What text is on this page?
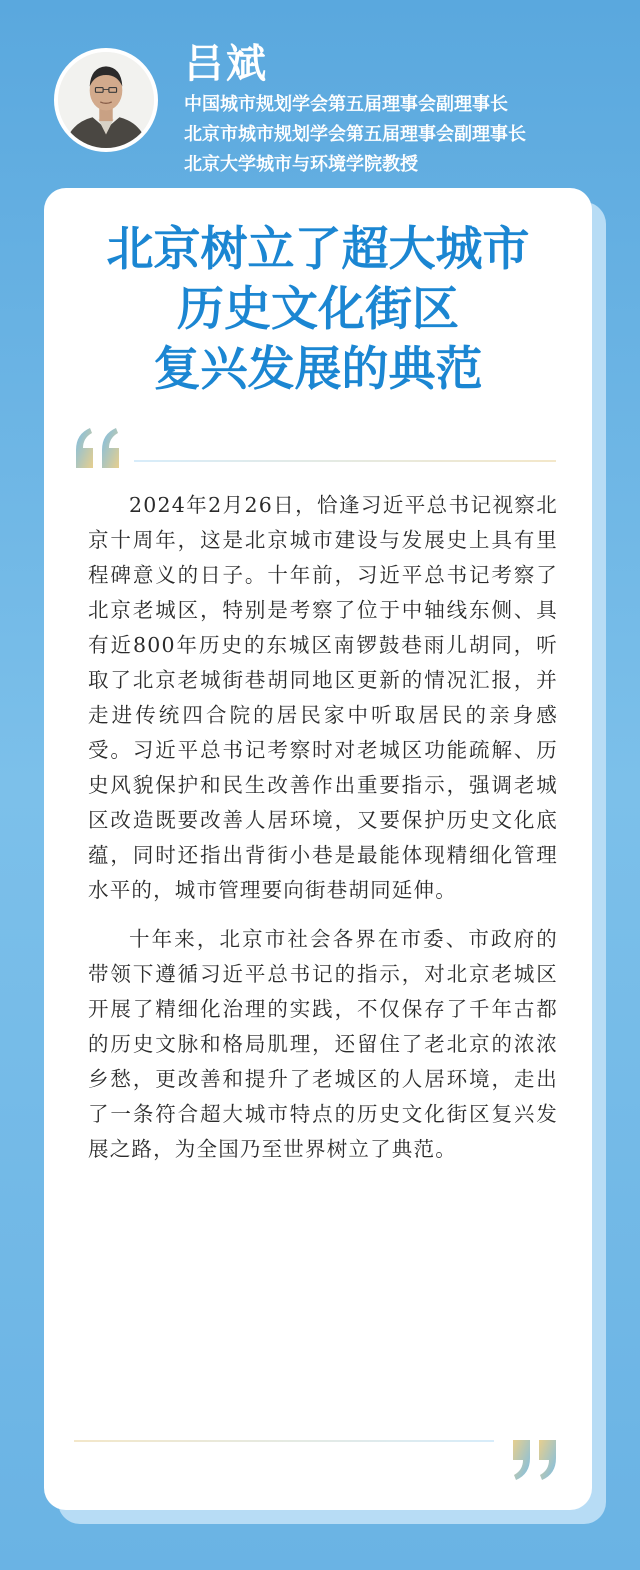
吕斌
中国城市规划学会第五届理事会副理事长
北京市城市规划学会第五届理事会副理事长
北京大学城市与环境学院教授
北京树立了超大城市
历史文化街区
复兴发展的典范

2024年2月26日，恰逢习近平总书记视察北京十周年，这是北京城市建设与发展史上具有里程碑意义的日子。十年前，习近平总书记考察了北京老城区，特别是考察了位于中轴线东侧、具有近800年历史的东城区南锣鼓巷雨儿胡同，听取了北京老城街巷胡同地区更新的情况汇报，并走进传统四合院的居民家中听取居民的亲身感受。习近平总书记考察时对老城区功能疏解、历史风貌保护和民生改善作出重要指示，强调老城区改造既要改善人居环境，又要保护历史文化底蕴，同时还指出背街小巷是最能体现精细化管理水平的，城市管理要向街巷胡同延伸。

十年来，北京市社会各界在市委、市政府的带领下遵循习近平总书记的指示，对北京老城区开展了精细化治理的实践，不仅保存了千年古都的历史文脉和格局肌理，还留住了老北京的浓浓乡愁，更改善和提升了老城区的人居环境，走出了一条符合超大城市特点的历史文化街区复兴发展之路，为全国乃至世界树立了典范。
